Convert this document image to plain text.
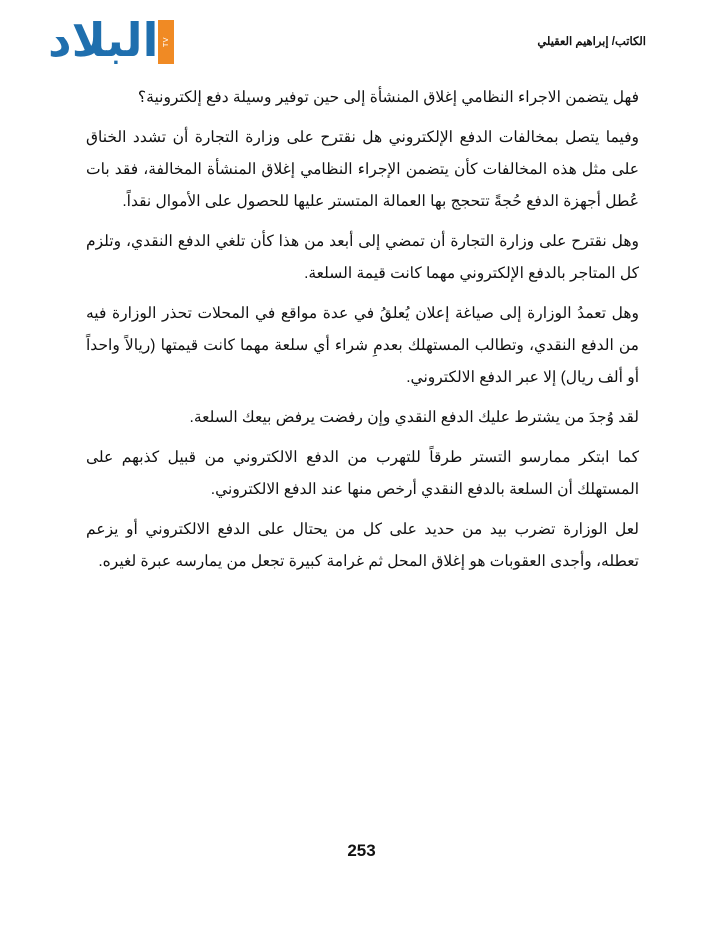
البلاد TV	الكاتب/ إبراهيم العقيلي

فهل يتضمن الاجراء النظامي إغلاق المنشأة إلى حين توفير وسيلة دفع إلكترونية؟

وفيما يتصل بمخالفات الدفع الإلكتروني هل نقترح على وزارة التجارة أن تشدد الخناق على مثل هذه المخالفات كأن يتضمن الإجراء النظامي إغلاق المنشأة المخالفة، فقد بات عُطل أجهزة الدفع حُجةً تتحجج بها العمالة المتستر عليها للحصول على الأموال نقداً.

وهل نقترح على وزارة التجارة أن تمضي إلى أبعد من هذا كأن تلغي الدفع النقدي، وتلزم كل المتاجر بالدفع الإلكتروني مهما كانت قيمة السلعة.

وهل تعمدُ الوزارة إلى صياغة إعلان يُعلقُ في عدة مواقع في المحلات تحذر الوزارة فيه من الدفع النقدي، وتطالب المستهلك بعدمِ شراء أي سلعة مهما كانت قيمتها (ريالاً واحداً أو ألف ريال) إلا عبر الدفع الالكتروني.

لقد وُجدَ من يشترط عليك الدفع النقدي وإن رفضت يرفض بيعك السلعة.

كما ابتكر ممارسو التستر طرقاً للتهرب من الدفع الالكتروني من قبيل كذبهم على المستهلك أن السلعة بالدفع النقدي أرخص منها عند الدفع الالكتروني.

لعل الوزارة تضرب بيد من حديد على كل من يحتال على الدفع الالكتروني أو يزعم تعطله، وأجدى العقوبات هو إغلاق المحل ثم غرامة كبيرة تجعل من يمارسه عبرة لغيره.

253
